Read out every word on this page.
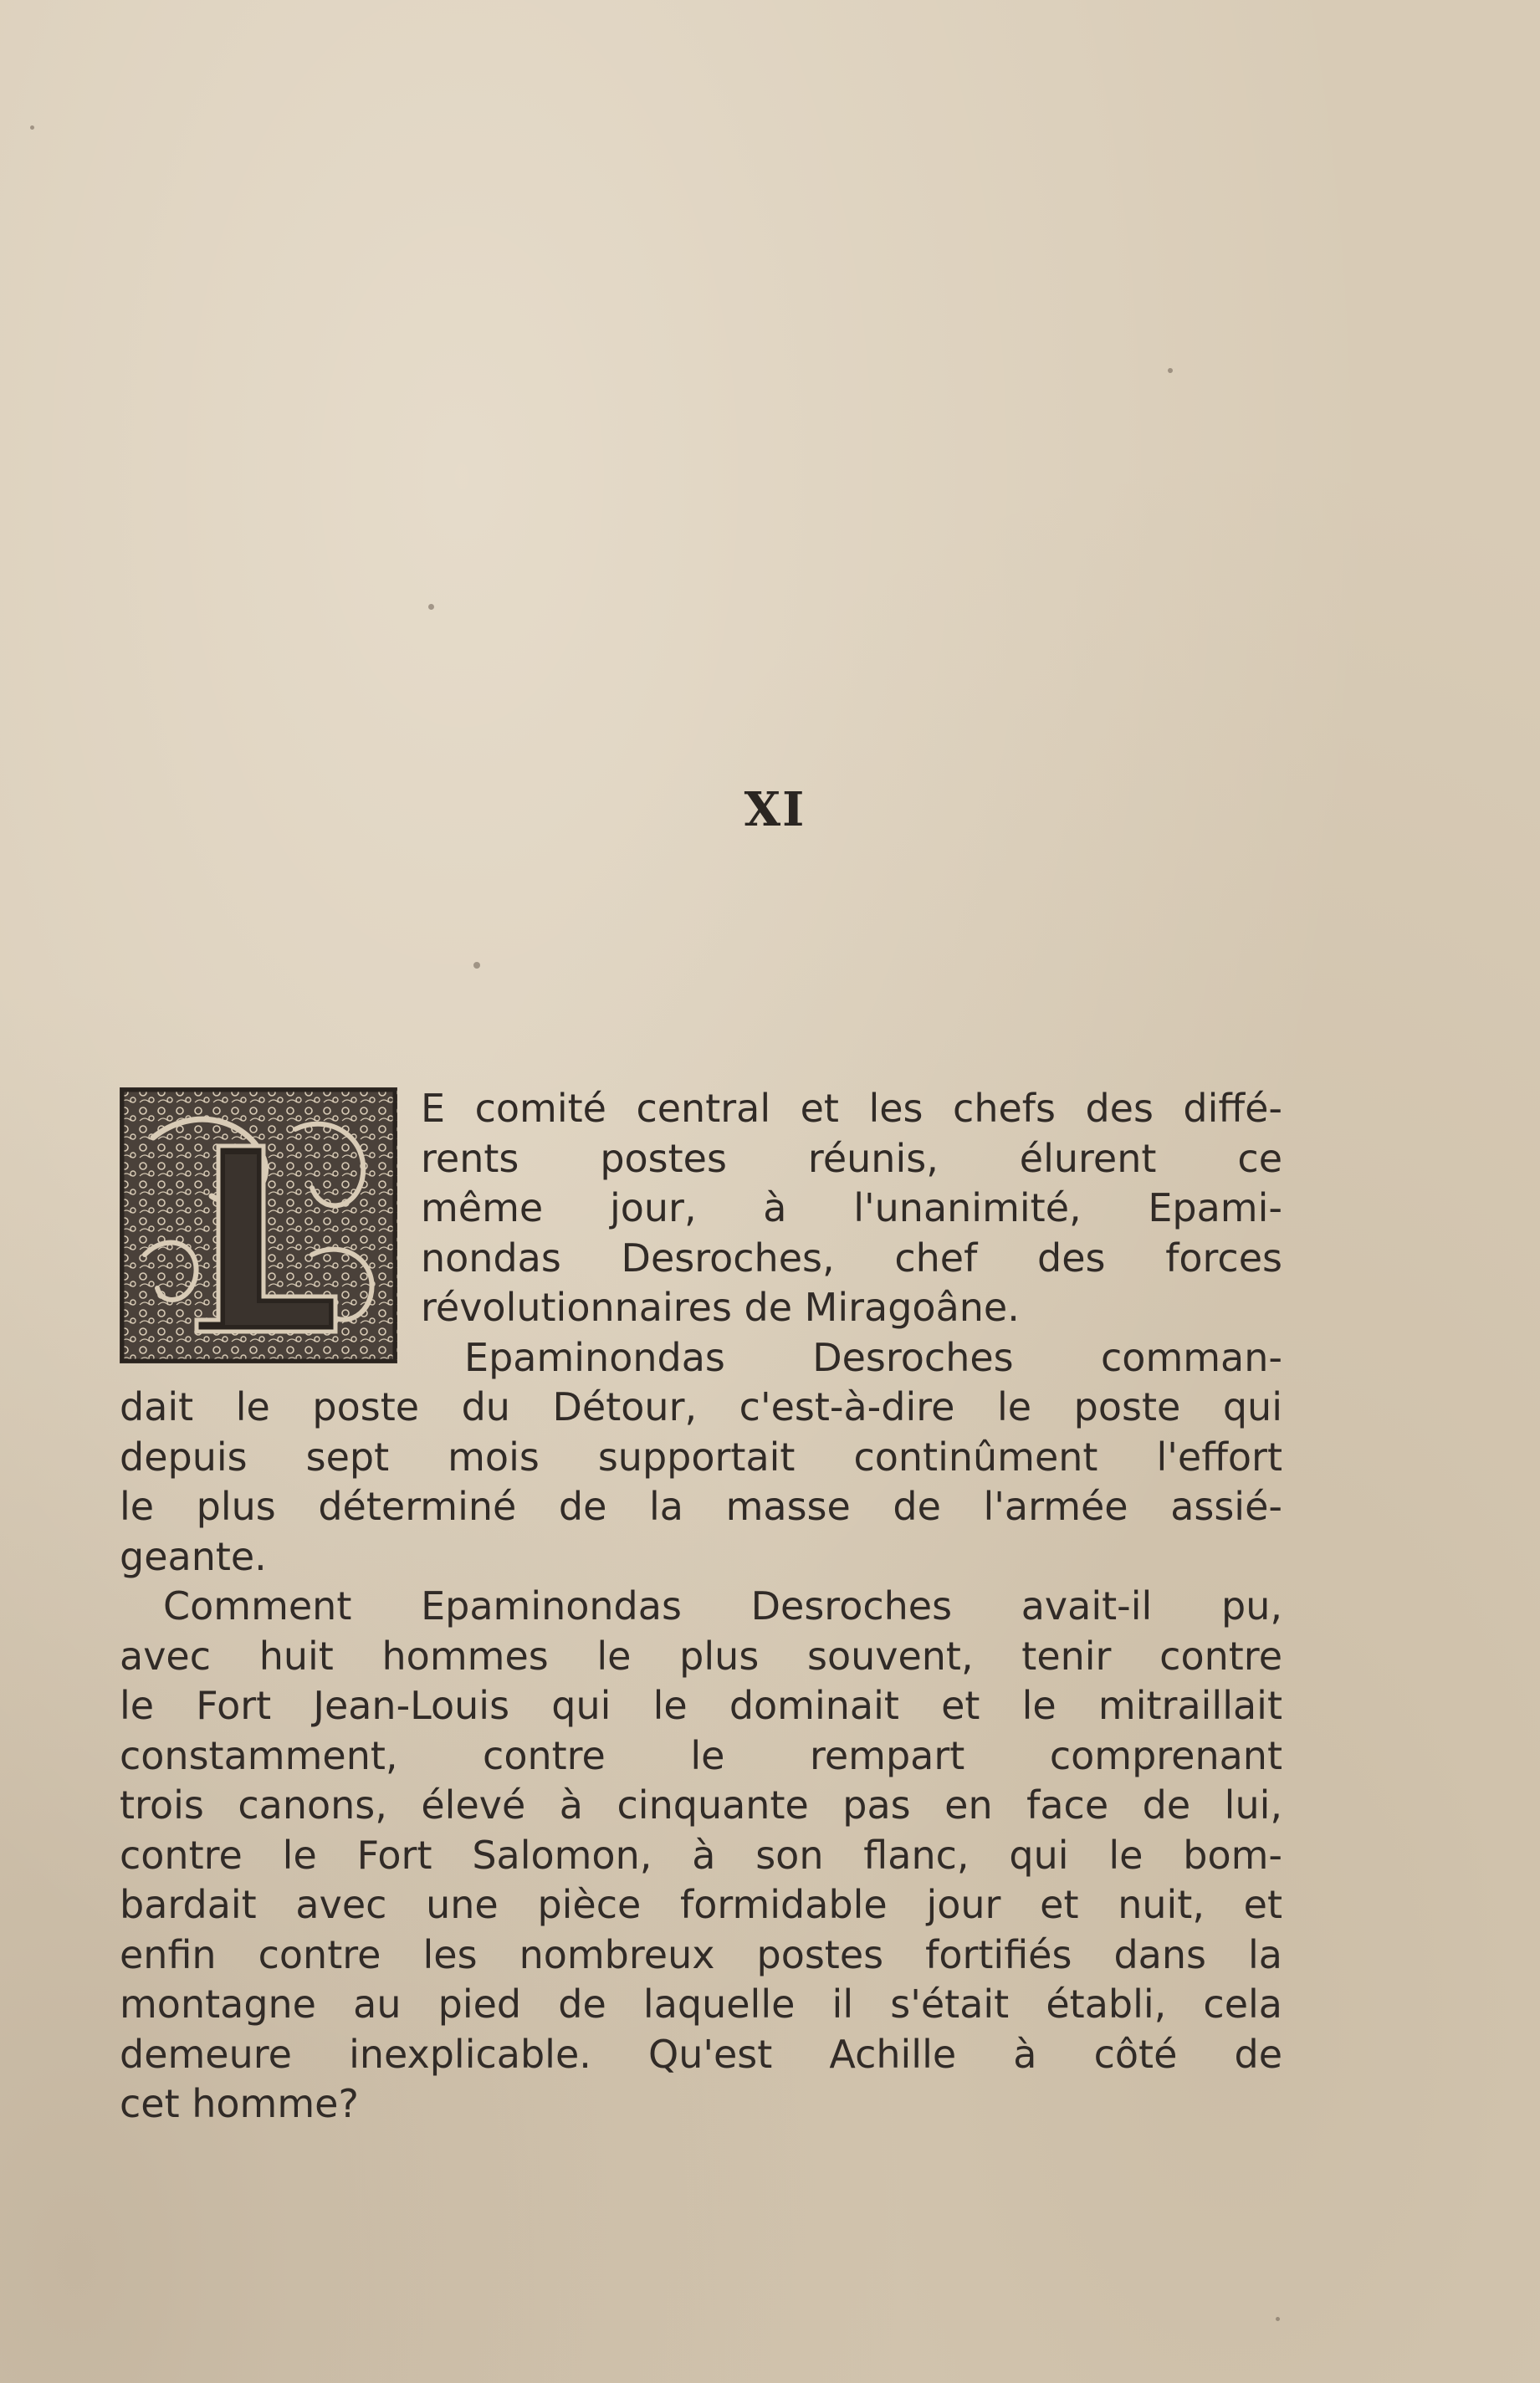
XI
E comité central et les chefs des diffé-
rents postes réunis, élurent ce
même jour, à l'unanimité, Epami-
nondas Desroches, chef des forces
révolutionnaires de Miragoâne.
Epaminondas Desroches comman-
dait le poste du Détour, c'est-à-dire le poste qui
depuis sept mois supportait continûment l'effort
le plus déterminé de la masse de l'armée assié-
geante.
Comment Epaminondas Desroches avait-il pu,
avec huit hommes le plus souvent, tenir contre
le Fort Jean-Louis qui le dominait et le mitraillait
constamment, contre le rempart comprenant
trois canons, élevé à cinquante pas en face de lui,
contre le Fort Salomon, à son flanc, qui le bom-
bardait avec une pièce formidable jour et nuit, et
enfin contre les nombreux postes fortifiés dans la
montagne au pied de laquelle il s'était établi, cela
demeure inexplicable. Qu'est Achille à côté de
cet homme?
